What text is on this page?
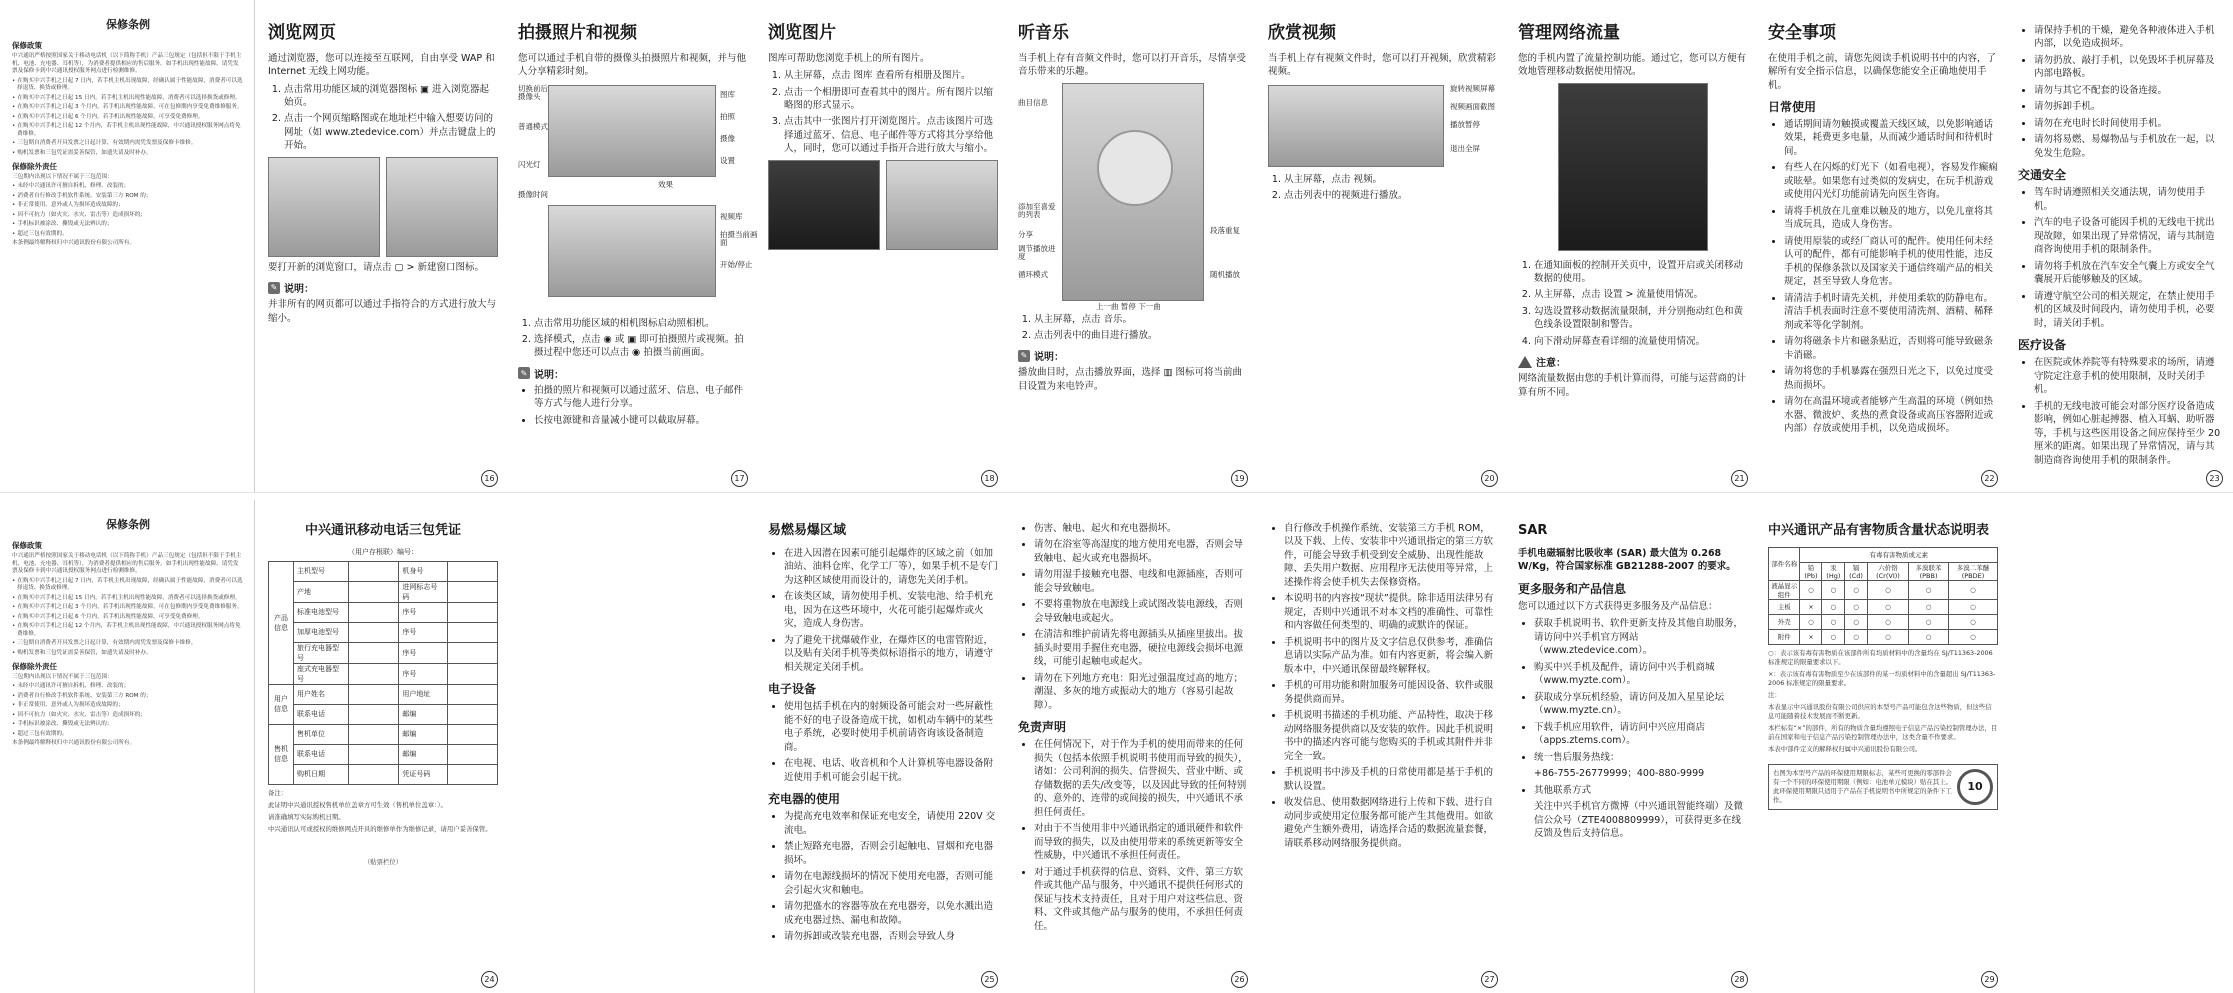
保修条例
保修政策
中兴通讯严格按照国家关于移动电话机（以下简称手机）产品三包规定（包括但不限于手机主机、电池、充电器、耳机等），为消费者提供相应的售后服务。如手机出现性能故障，请凭发票及保修卡到中兴通讯授权服务网点进行检测维修。
• 在购买中兴手机之日起 7 日内，若手机主机出现故障，经确认属于性能故障，消费者可以选择退货、换货或修理。
• 在购买中兴手机之日起 15 日内，若手机主机出现性能故障，消费者可以选择换货或修理。
• 在购买中兴手机之日起 3 个月内，若手机出现性能故障，可在包修期内享受免费维修服务。
• 在购买中兴手机之日起 6 个月内，若手机出现性能故障，可享受免费修理。
• 在购买中兴手机之日起 12 个月内，若手机主机出现性能故障，中兴通讯授权服务网点将免费维修。
• 三包期自消费者开具发票之日起计算，有效期内需凭发票及保修卡维修。
• 购机发票和三包凭证需妥善保管，如遗失请及时补办。
保修除外责任
三包期内出现以下情况不属于三包范围：
• 未经中兴通讯许可擅自拆机、修理、改装的；
• 消费者自行修改手机软件系统、安装第三方 ROM 的；
• 非正常使用、意外或人为损坏造成故障的；
• 因不可抗力（如火灾、水灾、雷击等）造成损坏的；
• 手机标识被涂改、撕毁或无法辨认的；
• 超过三包有效期的。
本条例最终解释权归中兴通讯股份有限公司所有。
浏览网页
通过浏览器，您可以连接至互联网，自由享受 WAP 和 Internet 无线上网功能。
1. 点击常用功能区域的浏览器图标 ▣ 进入浏览器起始页。
2. 点击一个网页缩略图或在地址栏中输入想要访问的网址（如 www.ztedevice.com）并点击键盘上的开始。
要打开新的浏览窗口，请点击 ▢ > 新建窗口图标。
✎ 说明：
并非所有的网页都可以通过手指符合的方式进行放大与缩小。
16
拍摄照片和视频
您可以通过手机自带的摄像头拍摄照片和视频，并与他人分享精彩时刻。
切换前后摄像头
普通模式
闪光灯
效果
摄像时间
图库
拍照
摄像
设置
视频库
拍摄当前画面
开始/停止
1. 点击常用功能区域的相机图标启动照相机。
2. 选择模式，点击 ◉ 或 ▣ 即可拍摄照片或视频。拍摄过程中您还可以点击 ◉ 拍摄当前画面。
✎ 说明：
• 拍摄的照片和视频可以通过蓝牙、信息、电子邮件等方式与他人进行分享。
• 长按电源键和音量减小键可以截取屏幕。
17
浏览图片
图库可帮助您浏览手机上的所有图片。
1. 从主屏幕，点击 图库 查看所有相册及图片。
2. 点击一个相册即可查看其中的图片。所有图片以缩略图的形式显示。
3. 点击其中一张图片打开浏览图片。点击该图片可选择通过蓝牙、信息、电子邮件等方式将其分享给他人，同时，您可以通过手指开合进行放大与缩小。
18
听音乐
当手机上存有音频文件时，您可以打开音乐，尽情享受音乐带来的乐趣。
曲目信息
添加至喜爱的列表
分享
调节播放进度
循环模式
段落重复
随机播放
上一曲 暂停 下一曲
1. 从主屏幕，点击 音乐。
2. 点击列表中的曲目进行播放。
✎ 说明：
播放曲目时，点击播放界面，选择 ▥ 图标可将当前曲目设置为来电铃声。
19
欣赏视频
当手机上存有视频文件时，您可以打开视频，欣赏精彩视频。
旋转视频屏幕
视频画面截图
播放暂停
退出全屏
1. 从主屏幕，点击 视频。
2. 点击列表中的视频进行播放。
20
管理网络流量
您的手机内置了流量控制功能。通过它，您可以方便有效地管理移动数据使用情况。
1. 在通知面板的控制开关页中，设置开启或关闭移动数据的使用。
2. 从主屏幕，点击 设置 > 流量使用情况。
3. 勾选设置移动数据流量限制，并分别拖动红色和黄色线条设置限制和警告。
4. 向下滑动屏幕查看详细的流量使用情况。
注意：
网络流量数据由您的手机计算而得，可能与运营商的计算有所不同。
21
安全事项
在使用手机之前，请您先阅读手机说明书中的内容，了解所有安全指示信息，以确保您能安全正确地使用手机。
日常使用
• 通话期间请勿触摸或覆盖天线区域，以免影响通话效果，耗费更多电量，从而减少通话时间和待机时间。
• 有些人在闪烁的灯光下（如看电视），容易发作癫痫或眩晕。如果您有过类似的发病史，在玩手机游戏或使用闪光灯功能前请先向医生咨询。
• 请将手机放在儿童难以触及的地方，以免儿童将其当成玩具，造成人身伤害。
• 请使用原装的或经厂商认可的配件。使用任何未经认可的配件，都有可能影响手机的使用性能，违反手机的保修条款以及国家关于通信终端产品的相关规定，甚至导致人身危害。
• 请清洁手机时请先关机，并使用柔软的防静电布。清洁手机表面时注意不要使用清洗剂、酒精、稀释剂或苯等化学制剂。
• 请勿将磁条卡片和磁条贴近，否则将可能导致磁条卡消磁。
• 请勿将您的手机暴露在强烈日光之下，以免过度受热而损坏。
• 请勿在高温环境或者能够产生高温的环境（例如热水器、微波炉、炙热的煮食设备或高压容器附近或内部）存放或使用手机，以免造成损坏。
22
• 请保持手机的干燥，避免各种液体进入手机内部，以免造成损坏。
• 请勿扔放、敲打手机，以免毁坏手机屏幕及内部电路板。
• 请勿与其它不配套的设备连接。
• 请勿拆卸手机。
• 请勿在充电时长时间使用手机。
• 请勿将易燃、易爆物品与手机放在一起，以免发生危险。
交通安全
• 驾车时请遵照相关交通法规，请勿使用手机。
• 汽车的电子设备可能因手机的无线电干扰出现故障，如果出现了异常情况，请与其制造商咨询使用手机的限制条件。
• 请勿将手机放在汽车安全气囊上方或安全气囊展开后能够触及的区域。
• 请遵守航空公司的相关规定，在禁止使用手机的区域及时间段内，请勿使用手机，必要时，请关闭手机。
医疗设备
• 在医院或休养院等有特殊要求的场所，请遵守院定注意手机的使用限制，及时关闭手机。
• 手机的无线电波可能会对部分医疗设备造成影响，例如心脏起搏器、植入耳蜗、助听器等，手机与这些医用设备之间应保持至少 20 厘米的距离。如果出现了异常情况，请与其制造商咨询使用手机的限制条件。
23
保修条例
保修政策
中兴通讯严格按照国家关于移动电话机（以下简称手机）产品三包规定（包括但不限于手机主机、电池、充电器、耳机等），为消费者提供相应的售后服务。如手机出现性能故障，请凭发票及保修卡到中兴通讯授权服务网点进行检测维修。
• 在购买中兴手机之日起 7 日内，若手机主机出现故障，经确认属于性能故障，消费者可以选择退货、换货或修理。
• 在购买中兴手机之日起 15 日内，若手机主机出现性能故障，消费者可以选择换货或修理。
• 在购买中兴手机之日起 3 个月内，若手机出现性能故障，可在包修期内享受免费维修服务。
• 在购买中兴手机之日起 6 个月内，若手机出现性能故障，可享受免费修理。
• 在购买中兴手机之日起 12 个月内，若手机主机出现性能故障，中兴通讯授权服务网点将免费维修。
• 三包期自消费者开具发票之日起计算，有效期内需凭发票及保修卡维修。
• 购机发票和三包凭证需妥善保管，如遗失请及时补办。
保修除外责任
三包期内出现以下情况不属于三包范围：
• 未经中兴通讯许可擅自拆机、修理、改装的；
• 消费者自行修改手机软件系统、安装第三方 ROM 的；
• 非正常使用、意外或人为损坏造成故障的；
• 因不可抗力（如火灾、水灾、雷击等）造成损坏的；
• 手机标识被涂改、撕毁或无法辨认的；
• 超过三包有效期的。
本条例最终解释权归中兴通讯股份有限公司所有。
中兴通讯移动电话三包凭证
（用户存根联）编号：
产品信息	主机型号		机身号	
	产地		进网标志号码	
	标准电池型号		序号	
	加厚电池型号		序号	
	旅行充电器型号		序号	
	座式充电器型号		序号	
用户信息	用户姓名		用户地址	
	联系电话		邮编	
售机信息	售机单位		邮编	
	联系电话		邮编	
	购机日期		凭证号码	
备注：
此证明中兴通讯授权售机单位盖章方可生效（售机单位盖章：）。
请准确填写实际购机日期。
中兴通讯认可或授权的维修网点开具的维修单作为维修记录，请用户妥善保管。
（贴票栏位）
24
易燃易爆区域
• 在进入因潜在因素可能引起爆炸的区域之前（如加油站、油料仓库、化学工厂等），如果手机不是专门为这种区域使用而设计的，请您先关闭手机。
• 在该类区域，请勿使用手机、安装电池、给手机充电，因为在这些环境中，火花可能引起爆炸或火灾，造成人身伤害。
• 为了避免干扰爆破作业，在爆炸区的电雷管附近，以及贴有关闭手机等类似标语指示的地方，请遵守相关规定关闭手机。
电子设备
• 使用包括手机在内的射频设备可能会对一些屏蔽性能不好的电子设备造成干扰，如机动车辆中的某些电子系统，必要时使用手机前请咨询该设备制造商。
• 在电视、电话、收音机和个人计算机等电器设备附近使用手机可能会引起干扰。
充电器的使用
• 为提高充电效率和保证充电安全，请使用 220V 交流电。
• 禁止短路充电器，否则会引起触电、冒烟和充电器损坏。
• 请勿在电源线损坏的情况下使用充电器，否则可能会引起火灾和触电。
• 请勿把盛水的容器等放在充电器旁，以免水溅出造成充电器过热、漏电和故障。
• 请勿拆卸或改装充电器，否则会导致人身
25
• 伤害、触电、起火和充电器损坏。
• 请勿在浴室等高湿度的地方使用充电器，否则会导致触电、起火或充电器损坏。
• 请勿用湿手接触充电器、电线和电源插座，否则可能会导致触电。
• 不要将重物放在电源线上或试图改装电源线，否则会导致触电或起火。
• 在清洁和维护前请先将电源插头从插座里拔出。拔插头时要用手握住充电器，硬拉电源线会损坏电源线，可能引起触电或起火。
• 请勿在下列地方充电：阳光过强温度过高的地方；潮湿、多灰的地方或振动大的地方（容易引起故障）。
免责声明
• 在任何情况下，对于作为手机的使用而带来的任何损失（包括本依照手机说明书使用而导致的损失），诸如：公司利润的损失、信誉损失、营业中断、或存储数据的丢失/改变等，以及因此导致的任何特别的、意外的、连带的或间接的损失，中兴通讯不承担任何责任。
• 对由于不当使用非中兴通讯指定的通讯硬件和软件而导致的损失，以及由使用带来的系统更新等安全性威胁，中兴通讯不承担任何责任。
• 对于通过手机获得的信息、资料、文件、第三方软件或其他产品与服务，中兴通讯不提供任何形式的保证与技术支持责任，且对于用户对这些信息、资料、文件或其他产品与服务的使用，不承担任何责任。
26
• 自行修改手机操作系统、安装第三方手机 ROM，以及下载、上传、安装非中兴通讯指定的第三方软件，可能会导致手机受到安全威胁、出现性能故障、丢失用户数据、应用程序无法使用等异常，上述操作将会使手机失去保修资格。
• 本说明书的内容按“现状”提供。除非适用法律另有规定，否则中兴通讯不对本文档的准确性、可靠性和内容做任何类型的、明确的或默许的保证。
• 手机说明书中的图片及文字信息仅供参考，准确信息请以实际产品为准。如有内容更新，将会编入新版本中，中兴通讯保留最终解释权。
• 手机的可用功能和附加服务可能因设备、软件或服务提供商而异。
• 手机说明书描述的手机功能、产品特性，取决于移动网络服务提供商以及安装的软件。因此手机说明书中的描述内容可能与您购买的手机或其附件并非完全一致。
• 手机说明书中涉及手机的日常使用都是基于手机的默认设置。
• 收发信息、使用数据网络进行上传和下载、进行自动同步或使用定位服务都可能产生其他费用。如欲避免产生额外费用，请选择合适的数据流量套餐，请联系移动网络服务提供商。
27
SAR
手机电磁辐射比吸收率 (SAR) 最大值为 0.268 W/Kg，符合国家标准 GB21288-2007 的要求。
更多服务和产品信息
您可以通过以下方式获得更多服务及产品信息：
• 获取手机说明书、软件更新支持及其他自助服务，请访问中兴手机官方网站（www.ztedevice.com）。
• 购买中兴手机及配件，请访问中兴手机商城（www.myzte.com）。
• 获取成分享玩机经验，请访问及加入星星论坛（www.myzte.cn）。
• 下载手机应用软件，请访问中兴应用商店（apps.ztems.com）。
• 统一售后服务热线：
+86-755-26779999；400-880-9999
• 其他联系方式
关注中兴手机官方微博（中兴通讯智能终端）及微信公众号（ZTE4008809999），可获得更多在线反馈及售后支持信息。
28
中兴通讯产品有害物质含量状态说明表
部件名称	有毒有害物质或元素					
	铅 (Pb)	汞 (Hg)	镉 (Cd)	六价铬 (Cr(VI))	多溴联苯 (PBB)	多溴二苯醚 (PBDE)
液晶显示组件	○	○	○	○	○	○
主板	×	○	○	○	○	○
外壳	○	○	○	○	○	○
附件	×	○	○	○	○	○
○：表示该有毒有害物质在该部件所有均质材料中的含量均在 SJ/T11363-2006 标准规定的限量要求以下。
×：表示该有毒有害物质至少在该部件的某一均质材料中的含量超出 SJ/T11363-2006 标准规定的限量要求。
注：
本表显示中兴通讯股份有限公司供应的本型号产品可能包含这些物质，但这些信息可能随着技术发展而不断更新。
本栏标有“×”的部件，所有的物质含量均遵照电子信息产品污染控制管理办法，目前在国家和电子信息产品污染控制管理办法中，这类含量不作要求。
本表中部件定义的解释权归属中兴通讯股份有限公司。
右图为本型号产品的环保使用期限标志，某些可更换的零部件会有一个不同的环保使用期限（例如：电池单元模块）贴在其上。此环保使用期限只适用于产品在手机说明书中所规定的条件下工作。
10
29
